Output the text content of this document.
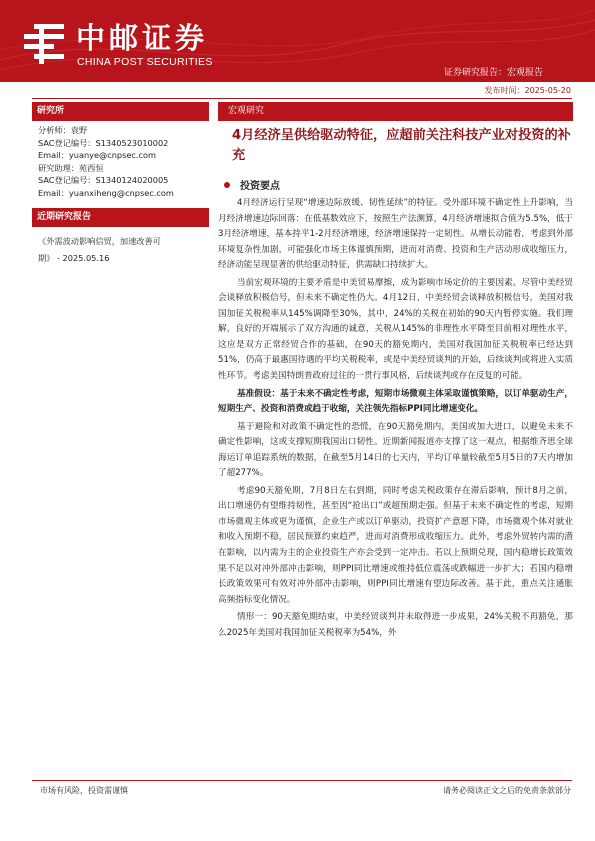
中邮证券
CHINA POST SECURITIES
证券研究报告：宏观报告
发布时间：2025-05-20
研究所
分析师：袁野
SAC登记编号：S1340523010002
Email：yuanye@cnpsec.com
研究助理：苑西恒
SAC登记编号：S1340124020005
Email：yuanxiheng@cnpsec.com
近期研究报告
《外需波动影响信贸，加速改善可
期》 - 2025.05.16
宏观研究
4月经济呈供给驱动特征，应超前关注科技产业对投资的补充
投资要点
4月经济运行呈现“增速边际放缓、韧性延续”的特征。受外部环境不确定性上升影响，当月经济增速边际回落：在低基数效应下，按照生产法测算，4月经济增速拟合值为5.5%，低于3月经济增速，基本持平1-2月经济增速，经济增速保持一定韧性。从增长动能看，考虑到外部环境复杂性加剧，可能强化市场主体谨慎预期，进而对消费、投资和生产活动形成收缩压力，经济动能呈现显著的供给驱动特征，供需缺口持续扩大。
当前宏观环境的主要矛盾是中美贸易摩擦，成为影响市场定价的主要因素。尽管中美经贸会谈释放积极信号，但未来不确定性仍大。4月12日，中美经贸会谈释放积极信号，美国对我国加征关税税率从145%调降至30%，其中，24%的关税在初始的90天内暂停实施。我们理解，良好的开端展示了双方沟通的诚意，关税从145%的非理性水平降至目前相对理性水平，这应是双方正常经贸合作的基础，在90天的豁免期内，美国对我国加征关税税率已经达到51%，仍高于最惠国待遇的平均关税税率，或是中美经贸谈判的开始，后续谈判或将进入实质性环节。考虑美国特朗普政府过往的一贯行事风格，后续谈判或存在反复的可能。
基准假设：基于未来不确定性考虑，短期市场微观主体采取谨慎策略，以订单驱动生产，短期生产、投资和消费或趋于收缩，关注领先指标PPI同比增速变化。
基于避险和对政策不确定性的恐慌，在90天豁免期内，美国或加大进口，以避免未来不确定性影响，这或支撑短期我国出口韧性。近期新闻报道亦支撑了这一观点，根据维齐思全球海运订单追踪系统的数据，在截至5月14日的七天内，平均订单量较截至5月5日的7天内增加了超277%。
考虑90天豁免期，7月8日左右到期，同时考虑关税政策存在滞后影响，预计8月之前，出口增速仍有望维持韧性，甚至因“抢出口”或超预期走强。但基于未来不确定性的考虑，短期市场微观主体或更为谨慎，企业生产或以订单驱动，投资扩产意愿下降，市场微观个体对就业和收入预期不稳，居民预算约束趋严，进而对消费形成收缩压力。此外，考虑外贸转内需的潜在影响，以内需为主的企业投资生产亦会受到一定冲击。若以上预期兑现，国内稳增长政策效果不足以对冲外部冲击影响，则PPI同比增速或维持低位震荡或跌幅进一步扩大；若国内稳增长政策效果可有效对冲外部冲击影响，则PPI同比增速有望边际改善。基于此，重点关注通胀高频指标变化情况。
情形一：90天豁免期结束，中美经贸谈判并未取得进一步成果，24%关税不再豁免，那么2025年美国对我国加征关税税率为54%，外
市场有风险，投资需谨慎	请务必阅读正文之后的免责条款部分
